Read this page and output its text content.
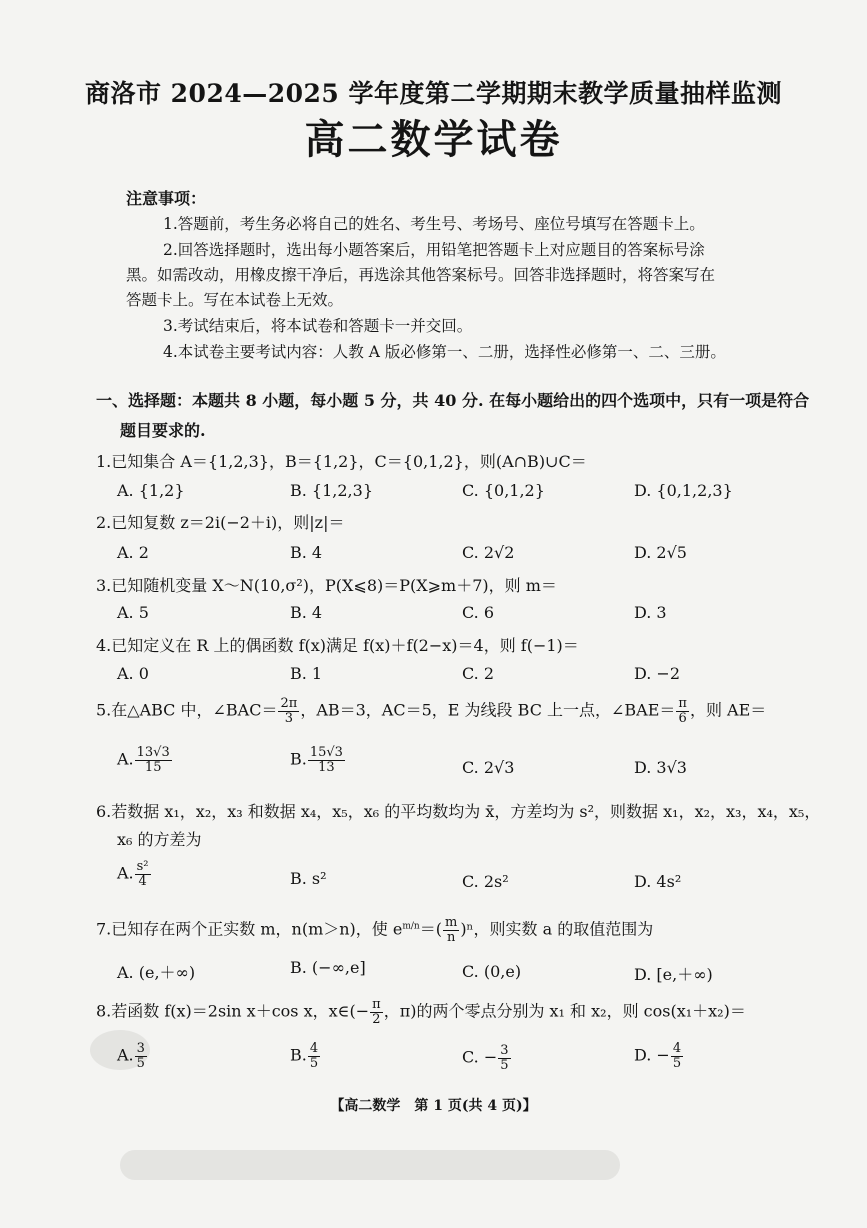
商洛市 2024—2025 学年度第二学期期末教学质量抽样监测
高二数学试卷
注意事项：
1.答题前，考生务必将自己的姓名、考生号、考场号、座位号填写在答题卡上。
2.回答选择题时，选出每小题答案后，用铅笔把答题卡上对应题目的答案标号涂
黑。如需改动，用橡皮擦干净后，再选涂其他答案标号。回答非选择题时，将答案写在
答题卡上。写在本试卷上无效。
3.考试结束后，将本试卷和答题卡一并交回。
4.本试卷主要考试内容：人教 A 版必修第一、二册，选择性必修第一、二、三册。
一、选择题：本题共 8 小题，每小题 5 分，共 40 分. 在每小题给出的四个选项中，只有一项是符合
题目要求的.
1.已知集合 A＝{1,2,3}，B＝{1,2}，C＝{0,1,2}，则(A∩B)∪C＝
A. {1,2}	B. {1,2,3}	C. {0,1,2}	D. {0,1,2,3}
2.已知复数 z＝2i(−2＋i)，则|z|＝
A. 2	B. 4	C. 2√2	D. 2√5
3.已知随机变量 X～N(10,σ²)，P(X⩽8)＝P(X⩾m＋7)，则 m＝
A. 5	B. 4	C. 6	D. 3
4.已知定义在 R 上的偶函数 f(x)满足 f(x)＋f(2−x)＝4，则 f(−1)＝
A. 0	B. 1	C. 2	D. −2
5.在△ABC 中，∠BAC＝ $\frac{2\pi}{3}$ ，AB＝3，AC＝5，E 为线段 BC 上一点，∠BAE＝ $\frac{\pi}{6}$ ，则 AE＝
A. $\frac{13√3}{15}$	B. $\frac{15√3}{13}$	C. 2√3	D. 3√3
6.若数据 x₁，x₂，x₃ 和数据 x₄，x₅，x₆ 的平均数均为 x̄，方差均为 s²，则数据 x₁，x₂，x₃，x₄，x₅，
x₆ 的方差为
A. $\frac{\text{s²}}{4}$	B. s²	C. 2s²	D. 4s²
7.已知存在两个正实数 m，n(m＞n)，使 $e^{m/n}=( \frac{m}{n} )^n$，则实数 a 的取值范围为
A. (e,＋∞)	B. (−∞,e]	C. (0,e)	D. [e,＋∞)
8.若函数 f(x)＝2sin x＋cos x，x∈(− $\frac{\pi}{2}$ ，π)的两个零点分别为 x₁ 和 x₂，则 cos(x₁＋x₂)＝
A. $\frac{3}{5}$	B. $\frac{4}{5}$	C. − $\frac{3}{5}$	D. − $\frac{4}{5}$
【高二数学　第 1 页(共 4 页)】
